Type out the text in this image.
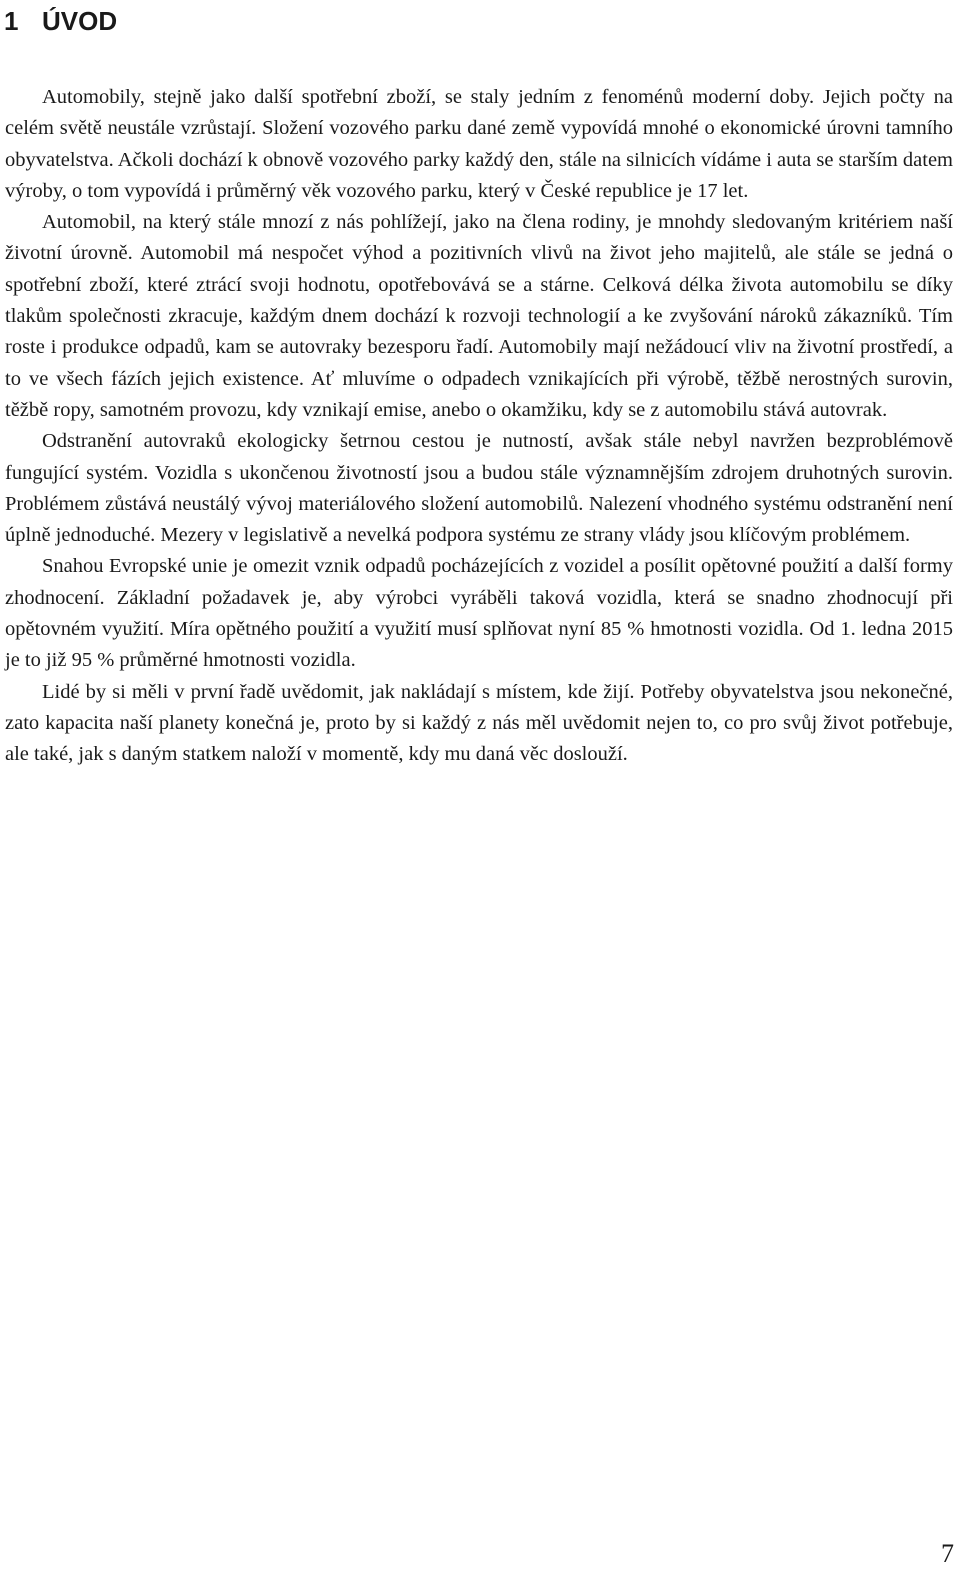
1 ÚVOD

Automobily, stejně jako další spotřební zboží, se staly jedním z fenoménů moderní doby. Jejich počty na celém světě neustále vzrůstají. Složení vozového parku dané země vypovídá mnohé o ekonomické úrovni tamního obyvatelstva. Ačkoli dochází k obnově vozového parky každý den, stále na silnicích vídáme i auta se starším datem výroby, o tom vypovídá i průměrný věk vozového parku, který v České republice je 17 let.

Automobil, na který stále mnozí z nás pohlížejí, jako na člena rodiny, je mnohdy sledovaným kritériem naší životní úrovně. Automobil má nespočet výhod a pozitivních vlivů na život jeho majitelů, ale stále se jedná o spotřební zboží, které ztrácí svoji hodnotu, opotřebovává se a stárne. Celková délka života automobilu se díky tlakům společnosti zkracuje, každým dnem dochází k rozvoji technologií a ke zvyšování nároků zákazníků. Tím roste i produkce odpadů, kam se autovraky bezesporu řadí. Automobily mají nežádoucí vliv na životní prostředí, a to ve všech fázích jejich existence. Ať mluvíme o odpadech vznikajících při výrobě, těžbě nerostných surovin, těžbě ropy, samotném provozu, kdy vznikají emise, anebo o okamžiku, kdy se z automobilu stává autovrak.

Odstranění autovraků ekologicky šetrnou cestou je nutností, avšak stále nebyl navržen bezproblémově fungující systém. Vozidla s ukončenou životností jsou a budou stále významnějším zdrojem druhotných surovin. Problémem zůstává neustálý vývoj materiálového složení automobilů. Nalezení vhodného systému odstranění není úplně jednoduché. Mezery v legislativě a nevelká podpora systému ze strany vlády jsou klíčovým problémem.

Snahou Evropské unie je omezit vznik odpadů pocházejících z vozidel a posílit opětovné použití a další formy zhodnocení. Základní požadavek je, aby výrobci vyráběli taková vozidla, která se snadno zhodnocují při opětovném využití. Míra opětného použití a využití musí splňovat nyní 85 % hmotnosti vozidla. Od 1. ledna 2015 je to již 95 % průměrné hmotnosti vozidla.

Lidé by si měli v první řadě uvědomit, jak nakládají s místem, kde žijí. Potřeby obyvatelstva jsou nekonečné, zato kapacita naší planety konečná je, proto by si každý z nás měl uvědomit nejen to, co pro svůj život potřebuje, ale také, jak s daným statkem naloží v momentě, kdy mu daná věc doslouží.

7
